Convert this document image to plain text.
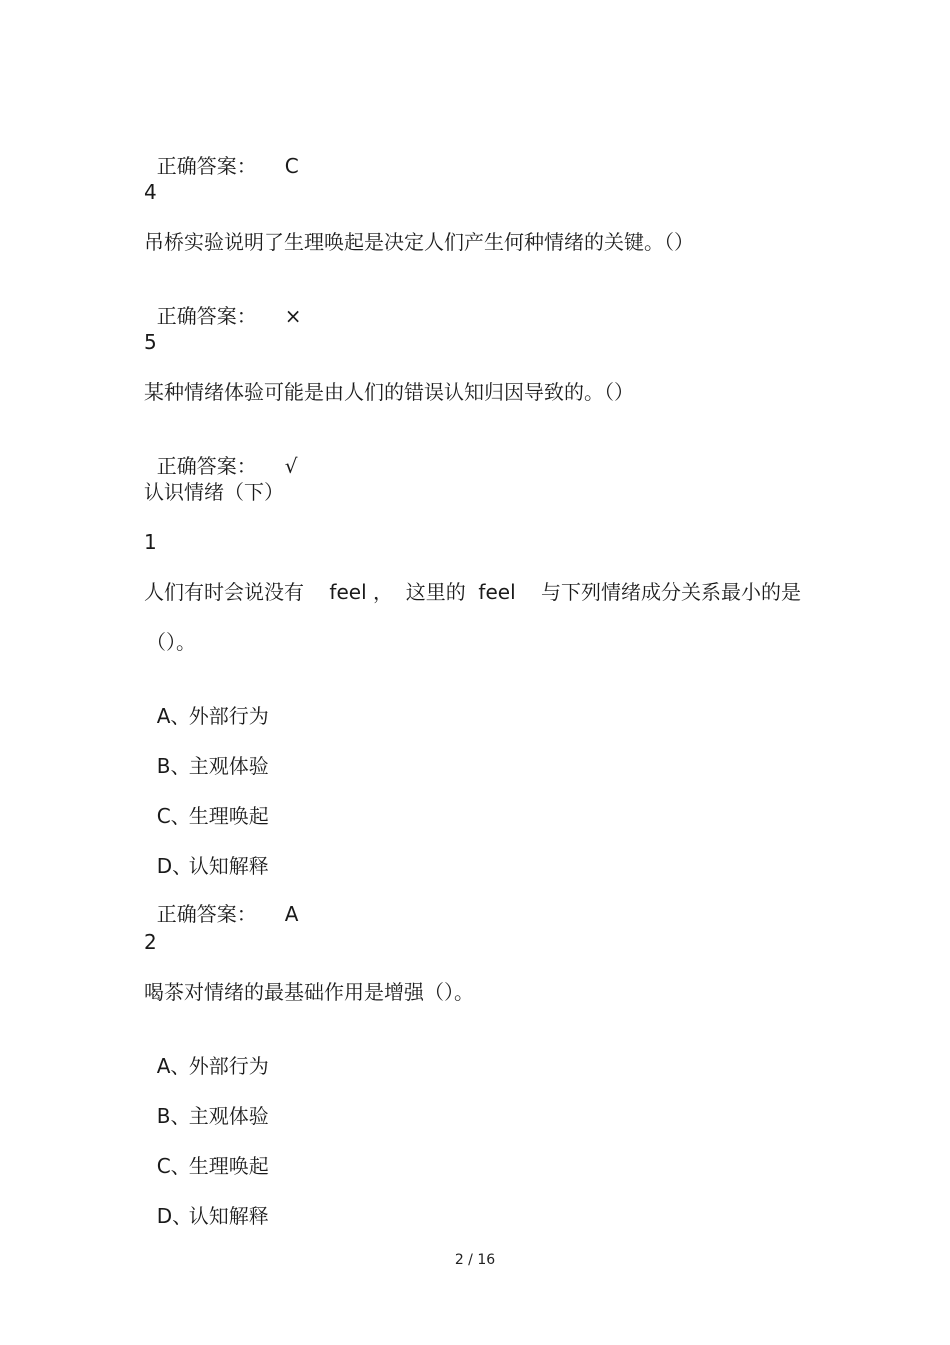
正确答案： C

4
吊桥实验说明了生理唤起是决定人们产生何种情绪的关键。（）

正确答案： ×

5
某种情绪体验可能是由人们的错误认知归因导致的。（）

正确答案： √

认识情绪（下）
1
人们有时会说没有    feel ，  这里的  feel    与下列情绪成分关系最小的是
（）。

A、外部行为

B、主观体验

C、生理唤起

D、认知解释

正确答案： A

2
喝茶对情绪的最基础作用是增强（）。

A、外部行为

B、主观体验

C、生理唤起

D、认知解释

2 / 16
